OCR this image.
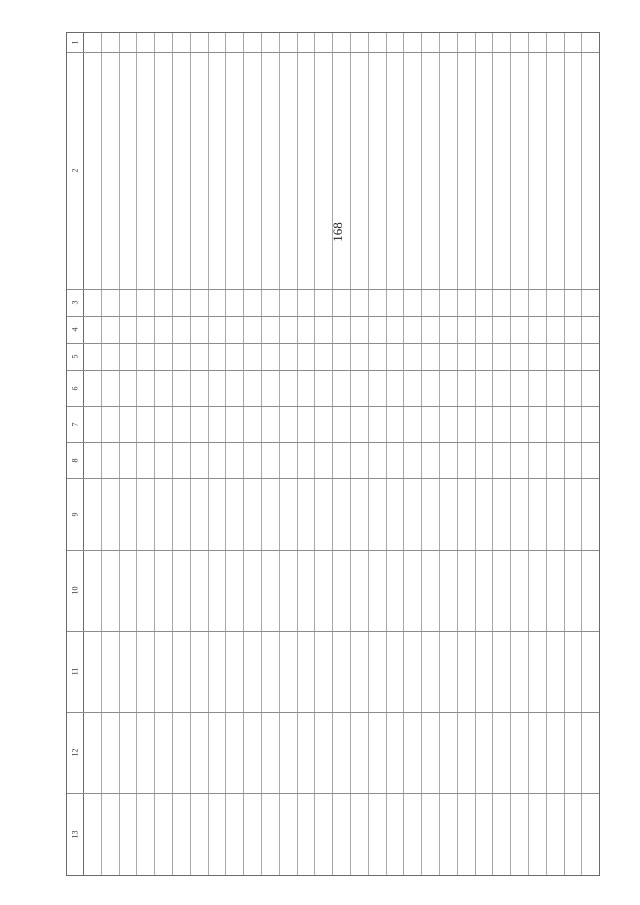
168
1
2
3
4
5
6
7
8
9
10
11
12
13
